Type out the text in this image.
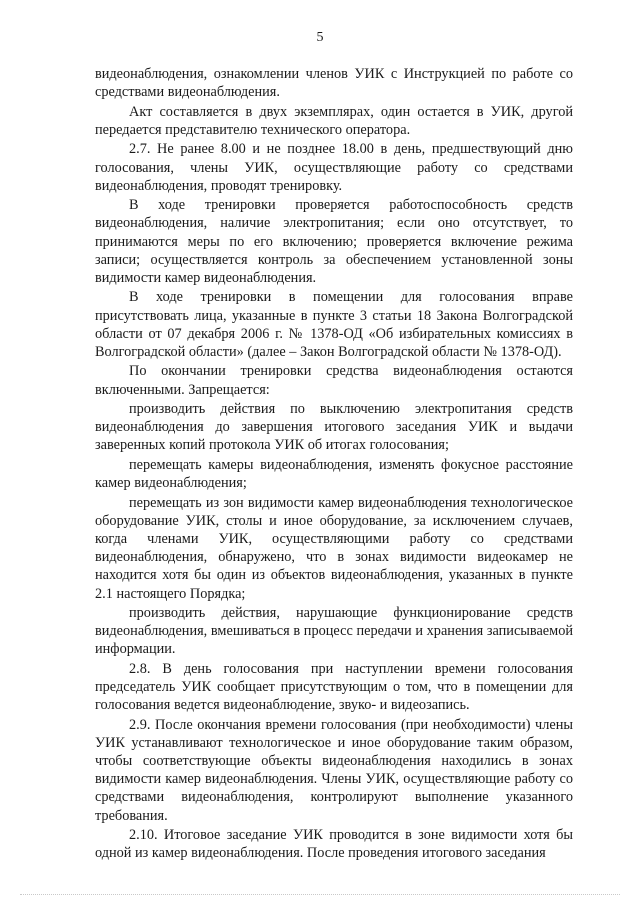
5

видеонаблюдения, ознакомлении членов УИК с Инструкцией по работе со средствами видеонаблюдения.

Акт составляется в двух экземплярах, один остается в УИК, другой передается представителю технического оператора.

2.7. Не ранее 8.00 и не позднее 18.00 в день, предшествующий дню голосования, члены УИК, осуществляющие работу со средствами видеонаблюдения, проводят тренировку.

В ходе тренировки проверяется работоспособность средств видеонаблюдения, наличие электропитания; если оно отсутствует, то принимаются меры по его включению; проверяется включение режима записи; осуществляется контроль за обеспечением установленной зоны видимости камер видеонаблюдения.

В ходе тренировки в помещении для голосования вправе присутствовать лица, указанные в пункте 3 статьи 18 Закона Волгоградской области от 07 декабря 2006 г. № 1378-ОД «Об избирательных комиссиях в Волгоградской области» (далее – Закон Волгоградской области № 1378-ОД).

По окончании тренировки средства видеонаблюдения остаются включенными. Запрещается:

производить действия по выключению электропитания средств видеонаблюдения до завершения итогового заседания УИК и выдачи заверенных копий протокола УИК об итогах голосования;

перемещать камеры видеонаблюдения, изменять фокусное расстояние камер видеонаблюдения;

перемещать из зон видимости камер видеонаблюдения технологическое оборудование УИК, столы и иное оборудование, за исключением случаев, когда членами УИК, осуществляющими работу со средствами видеонаблюдения, обнаружено, что в зонах видимости видеокамер не находится хотя бы один из объектов видеонаблюдения, указанных в пункте 2.1 настоящего Порядка;

производить действия, нарушающие функционирование средств видеонаблюдения, вмешиваться в процесс передачи и хранения записываемой информации.

2.8. В день голосования при наступлении времени голосования председатель УИК сообщает присутствующим о том, что в помещении для голосования ведется видеонаблюдение, звуко- и видеозапись.

2.9. После окончания времени голосования (при необходимости) члены УИК устанавливают технологическое и иное оборудование таким образом, чтобы соответствующие объекты видеонаблюдения находились в зонах видимости камер видеонаблюдения. Члены УИК, осуществляющие работу со средствами видеонаблюдения, контролируют выполнение указанного требования.

2.10. Итоговое заседание УИК проводится в зоне видимости хотя бы одной из камер видеонаблюдения. После проведения итогового заседания
